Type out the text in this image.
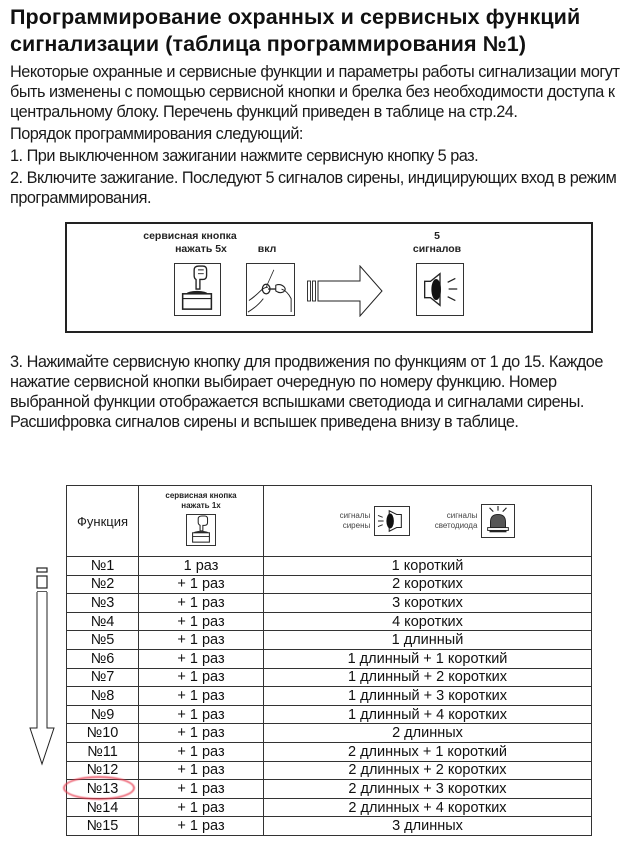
Программирование охранных и сервисных функций сигнализации (таблица программирования №1)
Некоторые охранные и сервисные функции и параметры работы сигнализации могут быть изменены с помощью сервисной кнопки и брелка без необходимости доступа к центральному блоку. Перечень функций приведен в таблице на стр.24.
Порядок программирования следующий:
1. При выключенном зажигании нажмите сервисную кнопку 5 раз.
2. Включите зажигание. Последуют 5 сигналов сирены, индицирующих вход в режим программирования.
сервисная кнопка
нажать 5х	вкл
5
сигналов
3. Нажимайте сервисную кнопку для продвижения по функциям от 1 до 15. Каждое нажатие сервисной кнопки выбирает очередную по номеру функцию. Номер выбранной функции отображается вспышками светодиода и сигналами сирены. Расшифровка сигналов сирены и вспышек приведена внизу в таблице.
Функция	
сервисная кнопка
нажать 1х

сигналы
сирены

сигналы
светодиода

№1	1 раз	1 короткий
№2	+ 1 раз	2 коротких
№3	+ 1 раз	3 коротких
№4	+ 1 раз	4 коротких
№5	+ 1 раз	1 длинный
№6	+ 1 раз	1 длинный + 1 короткий
№7	+ 1 раз	1 длинный + 2 коротких
№8	+ 1 раз	1 длинный + 3 коротких
№9	+ 1 раз	1 длинный + 4 коротких
№10	+ 1 раз	2 длинных
№11	+ 1 раз	2 длинных + 1 короткий
№12	+ 1 раз	2 длинных + 2 коротких
№13	+ 1 раз	2 длинных + 3 коротких
№14	+ 1 раз	2 длинных + 4 коротких
№15	+ 1 раз	3 длинных
